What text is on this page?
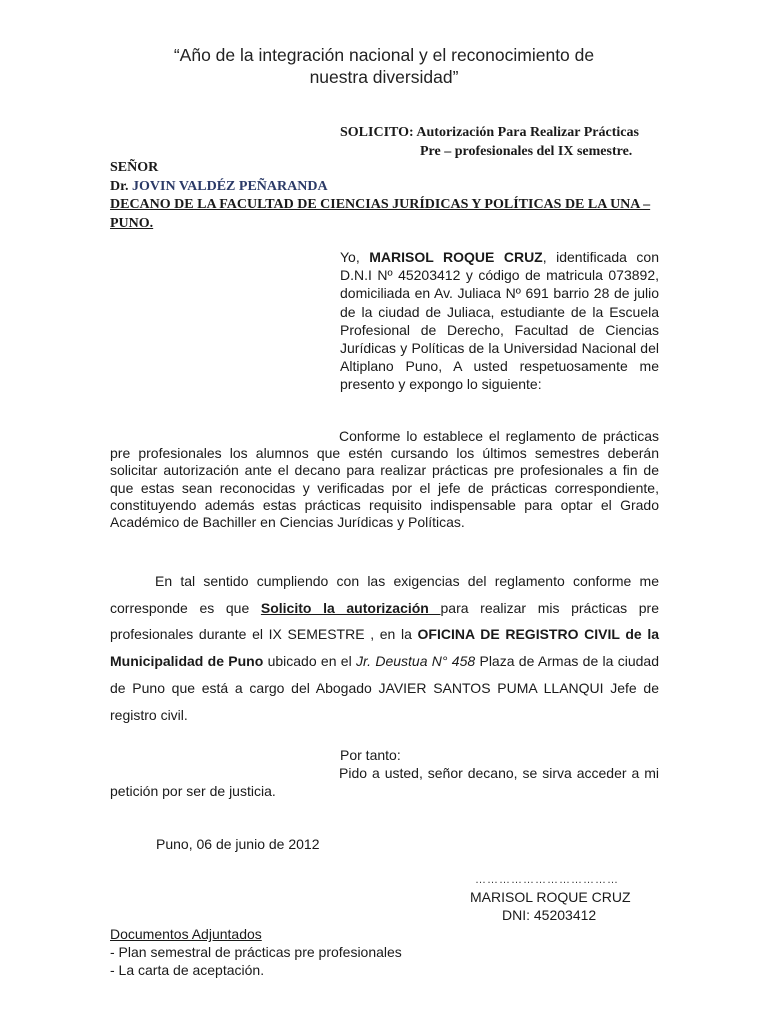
“Año de la integración nacional y el reconocimiento de
nuestra diversidad”
SOLICITO: Autorización Para Realizar Prácticas
Pre – profesionales del IX semestre.
SEÑOR
Dr. JOVIN VALDÉZ PEÑARANDA
DECANO DE LA FACULTAD DE CIENCIAS JURÍDICAS Y POLÍTICAS DE LA UNA – PUNO.
Yo, MARISOL ROQUE CRUZ, identificada con D.N.I Nº 45203412 y código de matricula 073892, domiciliada en Av. Juliaca Nº 691 barrio 28 de julio de la ciudad de Juliaca, estudiante de la Escuela Profesional de Derecho, Facultad de Ciencias Jurídicas y Políticas de la Universidad Nacional del Altiplano Puno, A usted respetuosamente me presento y expongo lo siguiente:
Conforme lo establece el reglamento de prácticas pre profesionales los alumnos que estén cursando los últimos semestres deberán solicitar autorización ante el decano para realizar prácticas pre profesionales a fin de que estas sean reconocidas y verificadas por el jefe de prácticas correspondiente, constituyendo además estas prácticas requisito indispensable para optar el Grado Académico de Bachiller en Ciencias Jurídicas y Políticas.
En tal sentido cumpliendo con las exigencias del reglamento conforme me corresponde es que Solicito la autorización para realizar mis prácticas pre profesionales durante el IX SEMESTRE , en la OFICINA DE REGISTRO CIVIL de la Municipalidad de Puno ubicado en el Jr. Deustua N° 458 Plaza de Armas de la ciudad de Puno que está a cargo del Abogado JAVIER SANTOS PUMA LLANQUI Jefe de registro civil.
Por tanto:
Pido a usted, señor decano, se sirva acceder a mi petición por ser de justicia.
Puno, 06 de junio de 2012
………………………………
MARISOL ROQUE CRUZ
DNI: 45203412
Documentos Adjuntados
- Plan semestral de prácticas pre profesionales
- La carta de aceptación.
